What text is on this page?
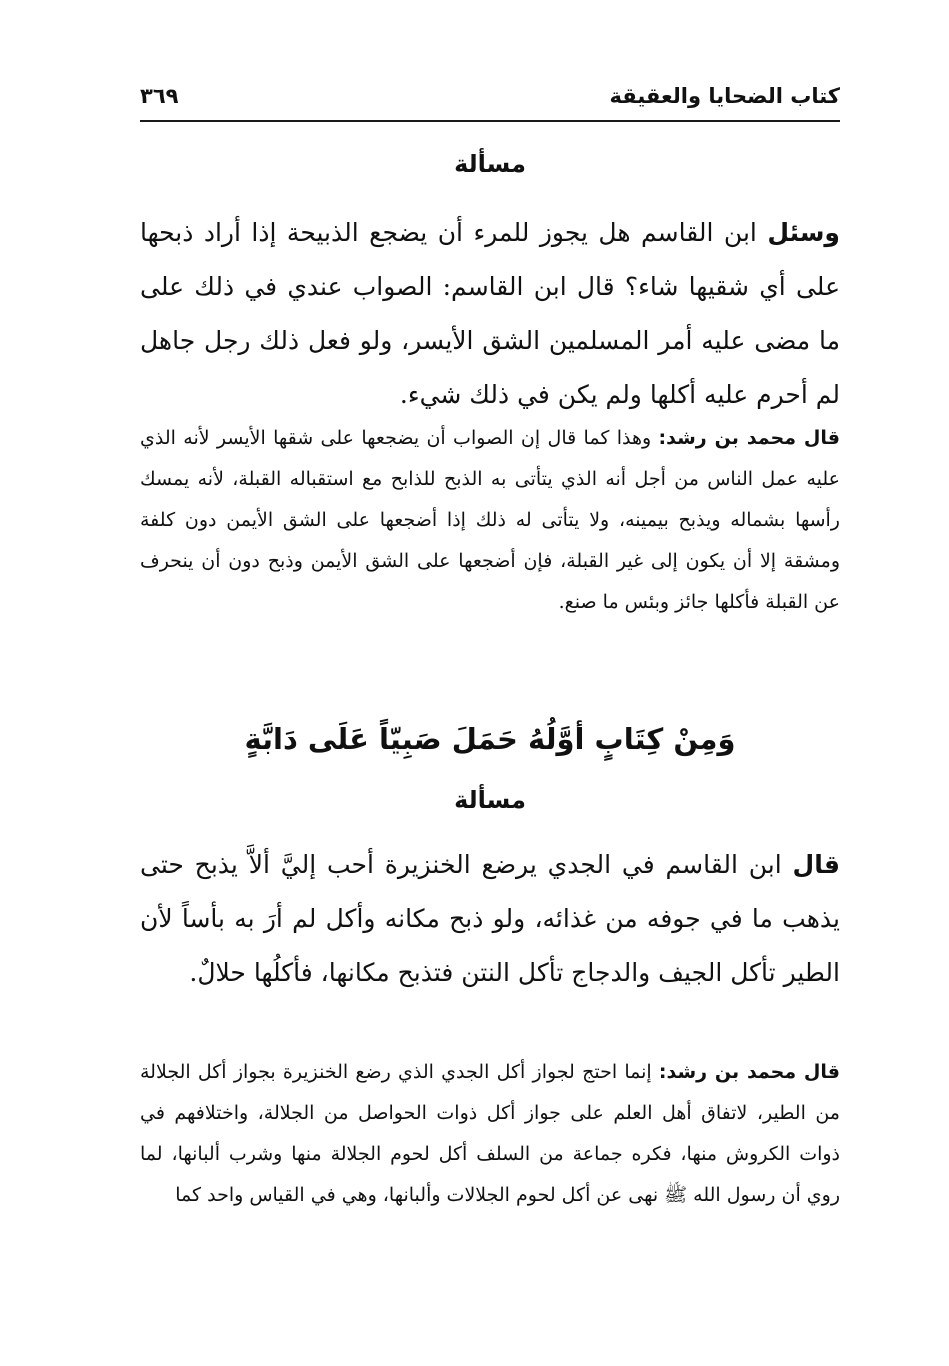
كتاب الضحايا والعقيقة
٣٦٩
مسألة

وسئل ابن القاسم هل يجوز للمرء أن يضجع الذبيحة إذا أراد ذبحها على أي شقيها شاء؟ قال ابن القاسم: الصواب عندي في ذلك على ما مضى عليه أمر المسلمين الشق الأيسر، ولو فعل ذلك رجل جاهل لم أحرم عليه أكلها ولم يكن في ذلك شيء.

قال محمد بن رشد: وهذا كما قال إن الصواب أن يضجعها على شقها الأيسر لأنه الذي عليه عمل الناس من أجل أنه الذي يتأتى به الذبح للذابح مع استقباله القبلة، لأنه يمسك رأسها بشماله ويذبح بيمينه، ولا يتأتى له ذلك إذا أضجعها على الشق الأيمن دون كلفة ومشقة إلا أن يكون إلى غير القبلة، فإن أضجعها على الشق الأيمن وذبح دون أن ينحرف عن القبلة فأكلها جائز وبئس ما صنع.

وَمِنْ كِتَابٍ أوَّلُهُ حَمَلَ صَبِيّاً عَلَى دَابَّةٍ
مسألة

قال ابن القاسم في الجدي يرضع الخنزيرة أحب إليَّ ألاَّ يذبح حتى يذهب ما في جوفه من غذائه، ولو ذبح مكانه وأكل لم أرَ به بأساً لأن الطير تأكل الجيف والدجاج تأكل النتن فتذبح مكانها، فأكلُها حلالٌ.

قال محمد بن رشد: إنما احتج لجواز أكل الجدي الذي رضع الخنزيرة بجواز أكل الجلالة من الطير، لاتفاق أهل العلم على جواز أكل ذوات الحواصل من الجلالة، واختلافهم في ذوات الكروش منها، فكره جماعة من السلف أكل لحوم الجلالة منها وشرب ألبانها، لما روي أن رسول الله ﷺ نهى عن أكل لحوم الجلالات وألبانها، وهي في القياس واحد كما
